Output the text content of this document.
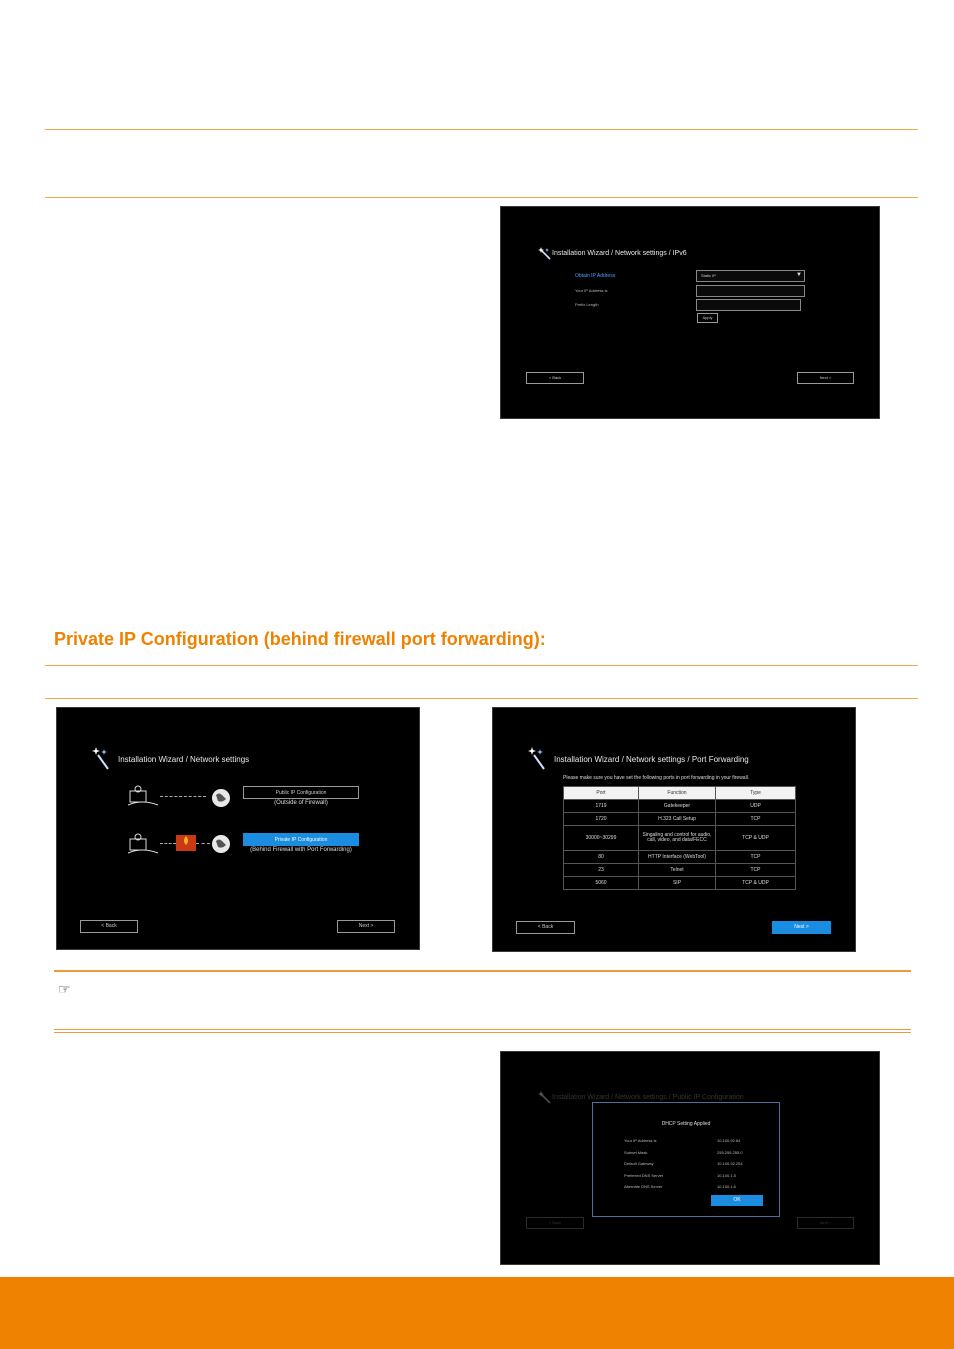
Installation Wizard / Network settings / IPv6
Obtain IP Address	Static IP	▼
Your IP Address is
Prefix Length
Apply
< Back	Next >
Private IP Configuration (behind firewall port forwarding):
Installation Wizard / Network settings
Public IP Configuration
(Outside of Firewall)
Private IP Configuration
(Behind Firewall with Port Forwarding)
< Back	Next >
Installation Wizard / Network settings / Port Forwarding
Please make sure you have set the following ports in port forwarding in your firewall.
Port	Function	Type
1719	Gatekeeper	UDP
1720	H.323 Call Setup	TCP
30000~30299	Singaling and control for audio, call, video, and data/FECC	TCP & UDP
80	HTTP Interface (WebTool)	TCP
23	Telnet	TCP
5060	SIP	TCP & UDP
< Back	Next >
☞
Installation Wizard / Network settings / Public IP Configuration
< Back	Next >
DHCP Setting Applied
Your IP Address is	10.100.92.84
Subnet Mask	255.255.255.0
Default Gateway	10.100.92.254
Preferred DNS Server	10.100.1.5
Alternate DNS Server	10.100.1.6
OK
